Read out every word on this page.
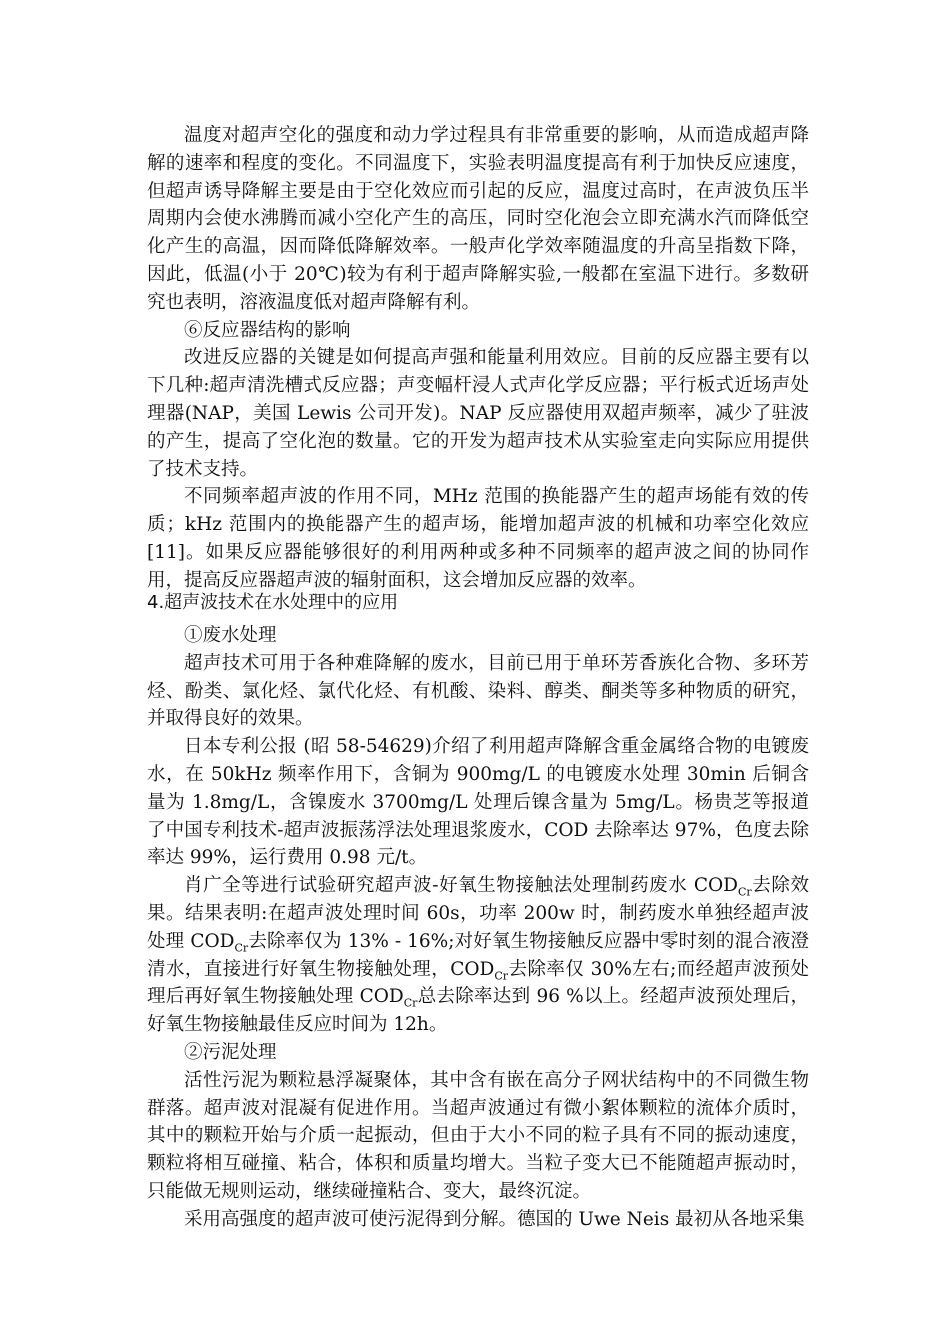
温度对超声空化的强度和动力学过程具有非常重要的影响，从而造成超声降解的速率和程度的变化。不同温度下，实验表明温度提高有利于加快反应速度，但超声诱导降解主要是由于空化效应而引起的反应，温度过高时，在声波负压半周期内会使水沸腾而减小空化产生的高压，同时空化泡会立即充满水汽而降低空化产生的高温，因而降低降解效率。一般声化学效率随温度的升高呈指数下降，因此，低温(小于 20℃)较为有利于超声降解实验,一般都在室温下进行。多数研究也表明，溶液温度低对超声降解有利。

⑥反应器结构的影响

改进反应器的关键是如何提高声强和能量利用效应。目前的反应器主要有以下几种:超声清洗槽式反应器；声变幅杆浸人式声化学反应器；平行板式近场声处理器(NAP，美国 Lewis 公司开发)。NAP 反应器使用双超声频率，减少了驻波的产生，提高了空化泡的数量。它的开发为超声技术从实验室走向实际应用提供了技术支持。

不同频率超声波的作用不同，MHz 范围的换能器产生的超声场能有效的传质；kHz 范围内的换能器产生的超声场，能增加超声波的机械和功率空化效应[11]。如果反应器能够很好的利用两种或多种不同频率的超声波之间的协同作用，提高反应器超声波的辐射面积，这会增加反应器的效率。

4.超声波技术在水处理中的应用

①废水处理

超声技术可用于各种难降解的废水，目前已用于单环芳香族化合物、多环芳烃、酚类、氯化烃、氯代化烃、有机酸、染料、醇类、酮类等多种物质的研究，并取得良好的效果。

日本专利公报 (昭 58-54629)介绍了利用超声降解含重金属络合物的电镀废水，在 50kHz 频率作用下，含铜为 900mg/L 的电镀废水处理 30min 后铜含量为 1.8mg/L，含镍废水 3700mg/L 处理后镍含量为 5mg/L。杨贵芝等报道了中国专利技术-超声波振荡浮法处理退浆废水，COD 去除率达 97%，色度去除率达 99%，运行费用 0.98 元/t。

肖广全等进行试验研究超声波-好氧生物接触法处理制药废水 $COD_{Cr}$去除效果。结果表明:在超声波处理时间 60s，功率 200w 时，制药废水单独经超声波处理 $COD_{Cr}$去除率仅为 13% - 16%;对好氧生物接触反应器中零时刻的混合液澄清水，直接进行好氧生物接触处理，$COD_{Cr}$去除率仅 30%左右;而经超声波预处理后再好氧生物接触处理 $COD_{Cr}$总去除率达到 96 %以上。经超声波预处理后，好氧生物接触最佳反应时间为 12h。

②污泥处理

活性污泥为颗粒悬浮凝聚体，其中含有嵌在高分子网状结构中的不同微生物群落。超声波对混凝有促进作用。当超声波通过有微小絮体颗粒的流体介质时，其中的颗粒开始与介质一起振动，但由于大小不同的粒子具有不同的振动速度，颗粒将相互碰撞、粘合，体积和质量均增大。当粒子变大已不能随超声振动时，只能做无规则运动，继续碰撞粘合、变大，最终沉淀。

采用高强度的超声波可使污泥得到分解。德国的 Uwe Neis 最初从各地采集
